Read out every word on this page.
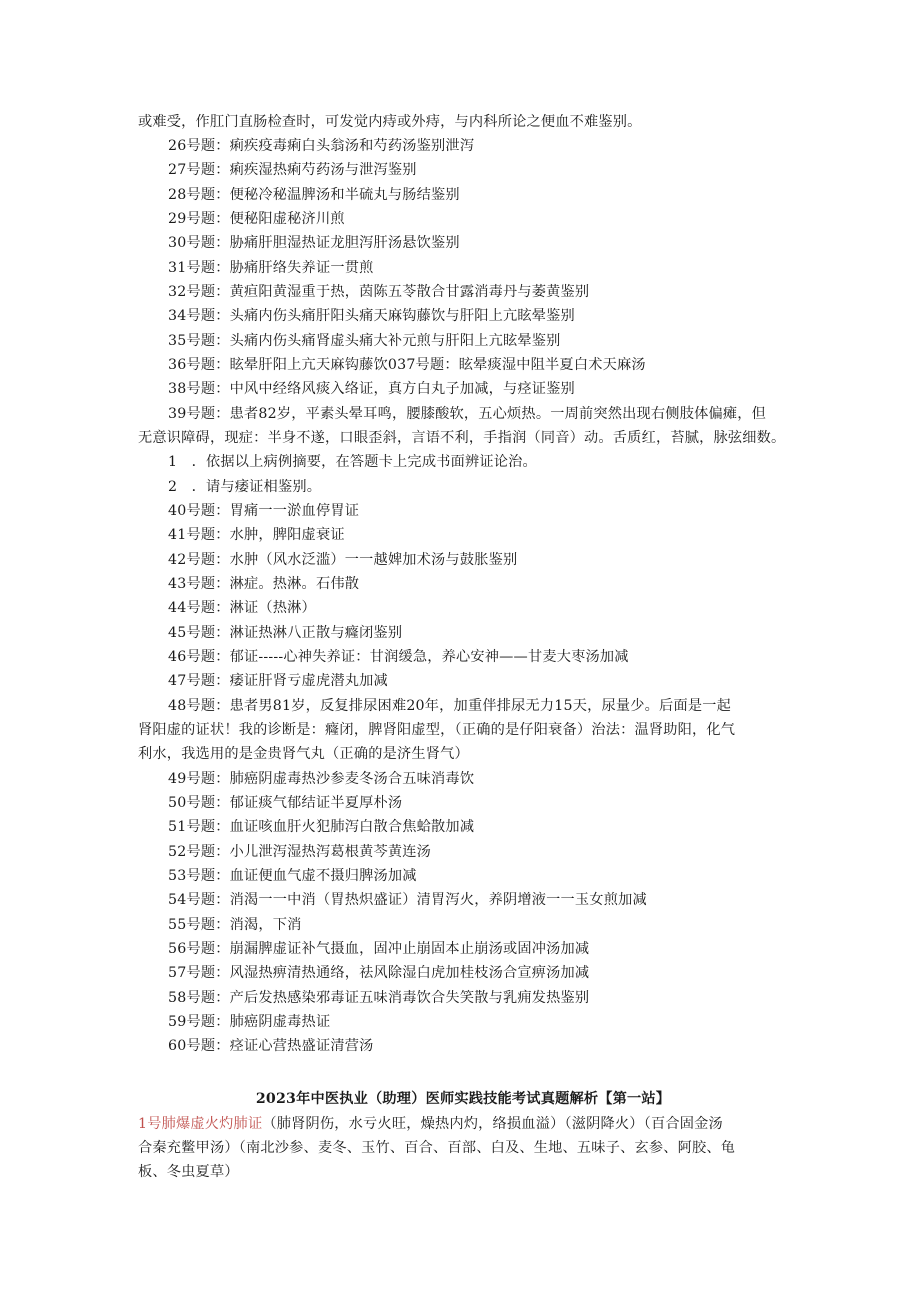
或难受，作肛门直肠检查时，可发觉内痔或外痔，与内科所论之便血不难鉴别。
26号题：痢疾疫毒痢白头翁汤和芍药汤鉴别泄泻
27号题：痢疾湿热痢芍药汤与泄泻鉴别
28号题：便秘冷秘温脾汤和半硫丸与肠结鉴别
29号题：便秘阳虚秘济川煎
30号题：胁痛肝胆湿热证龙胆泻肝汤悬饮鉴别
31号题：胁痛肝络失养证一贯煎
32号题：黄疸阳黄湿重于热，茵陈五苓散合甘露消毒丹与萎黄鉴别
34号题：头痛内伤头痛肝阳头痛天麻钩藤饮与肝阳上亢眩晕鉴别
35号题：头痛内伤头痛肾虚头痛大补元煎与肝阳上亢眩晕鉴别
36号题：眩晕肝阳上亢天麻钩藤饮037号题：眩晕痰湿中阻半夏白术天麻汤
38号题：中风中经络风痰入络证，真方白丸子加减，与痉证鉴别
39号题：患者82岁，平素头晕耳鸣，腰膝酸软，五心烦热。一周前突然出现右侧肢体偏瘫，但
无意识障碍，现症：半身不遂，口眼歪斜，言语不利，手指润（同音）动。舌质红，苔腻，脉弦细数。
1　．依据以上病例摘要，在答题卡上完成书面辨证论治。
2　．请与痿证相鉴别。
40号题：胃痛一一淤血停胃证
41号题：水肿，脾阳虚衰证
42号题：水肿（风水泛滥）一一越婢加术汤与鼓胀鉴别
43号题：淋症。热淋。石伟散
44号题：淋证（热淋）
45号题：淋证热淋八正散与癃闭鉴别
46号题：郁证-----心神失养证：甘润缓急，养心安神——甘麦大枣汤加减
47号题：痿证肝肾亏虚虎潜丸加减
48号题：患者男81岁，反复排尿困难20年，加重伴排尿无力15天，尿量少。后面是一起
肾阳虚的证状！我的诊断是：癃闭，脾肾阳虚型，（正确的是仔阳衰备）治法：温肾助阳，化气
利水，我选用的是金贵肾气丸（正确的是济生肾气）
49号题：肺癌阴虚毒热沙参麦冬汤合五味消毒饮
50号题：郁证痰气郁结证半夏厚朴汤
51号题：血证咳血肝火犯肺泻白散合焦蛤散加减
52号题：小儿泄泻湿热泻葛根黄芩黄连汤
53号题：血证便血气虚不摄归脾汤加减
54号题：消渴一一中消（胃热炽盛证）清胃泻火，养阴增液一一玉女煎加减
55号题：消渴，下消
56号题：崩漏脾虚证补气摄血，固冲止崩固本止崩汤或固冲汤加减
57号题：风湿热痹清热通络，祛风除湿白虎加桂枝汤合宣痹汤加减
58号题：产后发热感染邪毒证五味消毒饮合失笑散与乳痈发热鉴别
59号题：肺癌阴虚毒热证
60号题：痉证心营热盛证清营汤
2023年中医执业（助理）医师实践技能考试真题解析【第一站】
1号肺爆虚火灼肺证（肺肾阴伤，水亏火旺，燥热内灼，络损血溢）（滋阴降火）（百合固金汤
合秦充鳖甲汤）（南北沙参、麦冬、玉竹、百合、百部、白及、生地、五味子、玄参、阿胶、龟
板、冬虫夏草）
